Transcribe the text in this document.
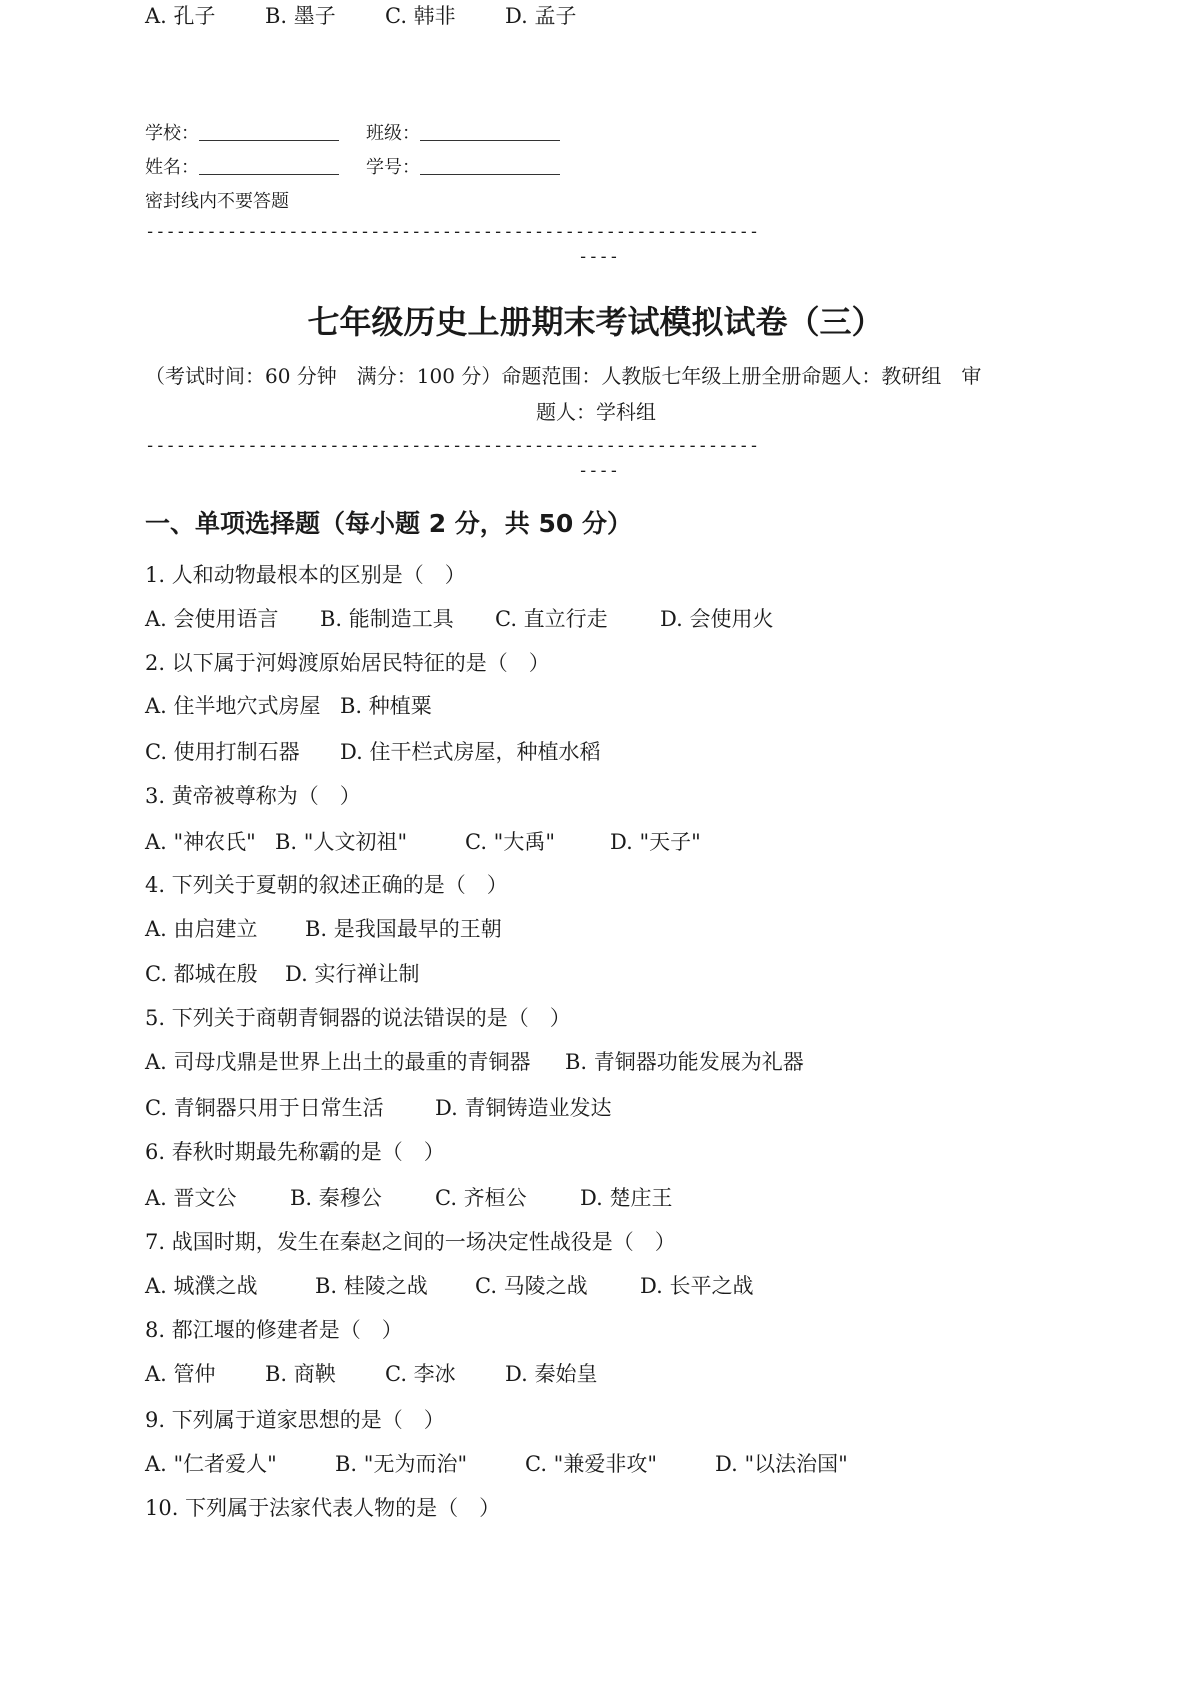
学校：	班级：
姓名：	学号：
密封线内不要答题
------------------------------------------------------------
----
七年级历史上册期末考试模拟试卷（三）
（考试时间：60 分钟　满分：100 分）命题范围：人教版七年级上册全册命题人：教研组　审
题人：学科组
------------------------------------------------------------
----
一、单项选择题（每小题 2 分，共 50 分）
1. 人和动物最根本的区别是（　）
A. 会使用语言 B. 能制造工具 C. 直立行走 D. 会使用火
2. 以下属于河姆渡原始居民特征的是（　）
A. 住半地穴式房屋 B. 种植粟
C. 使用打制石器 D. 住干栏式房屋，种植水稻
3. 黄帝被尊称为（　）
A. "神农氏" B. "人文初祖"	C. "大禹"	D. "天子"
4. 下列关于夏朝的叙述正确的是（　）
A. 由启建立 B. 是我国最早的王朝
C. 都城在殷 D. 实行禅让制
5. 下列关于商朝青铜器的说法错误的是（　）
A. 司母戊鼎是世界上出土的最重的青铜器 B. 青铜器功能发展为礼器
C. 青铜器只用于日常生活 D. 青铜铸造业发达
6. 春秋时期最先称霸的是（　）
A. 晋文公	B. 秦穆公	C. 齐桓公	D. 楚庄王
7. 战国时期，发生在秦赵之间的一场决定性战役是（　）
A. 城濮之战	B. 桂陵之战 C. 马陵之战 D. 长平之战
8. 都江堰的修建者是（　）
A. 管仲 B. 商鞅 C. 李冰 D. 秦始皇
9. 下列属于道家思想的是（　）
A. "仁者爱人"	B. "无为而治"	C. "兼爱非攻"	D. "以法治国"
10. 下列属于法家代表人物的是（　）
A. 孔子 B. 墨子 C. 韩非 D. 孟子
